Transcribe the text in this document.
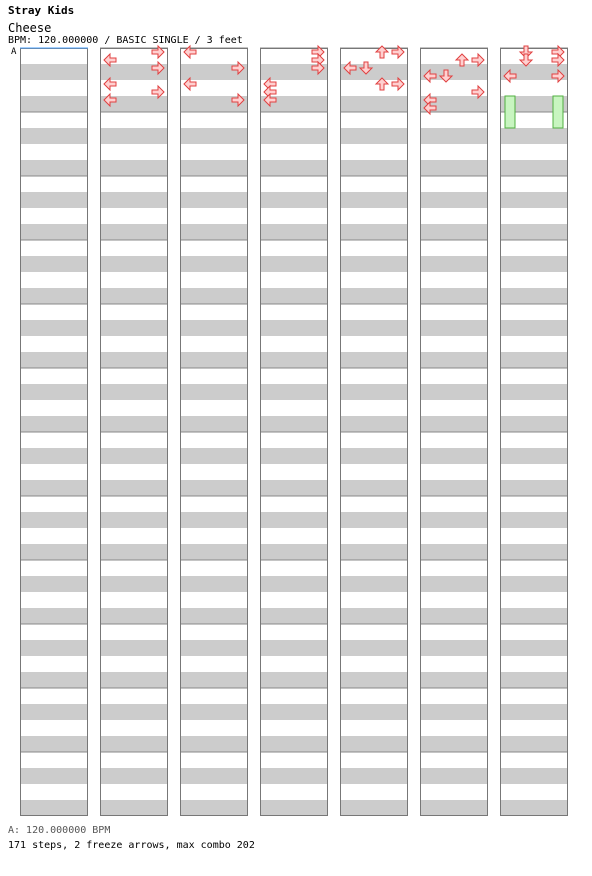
Stray Kids
Cheese
BPM: 120.000000 / BASIC SINGLE / 3 feet
A
A: 120.000000 BPM
171 steps, 2 freeze arrows, max combo 202
